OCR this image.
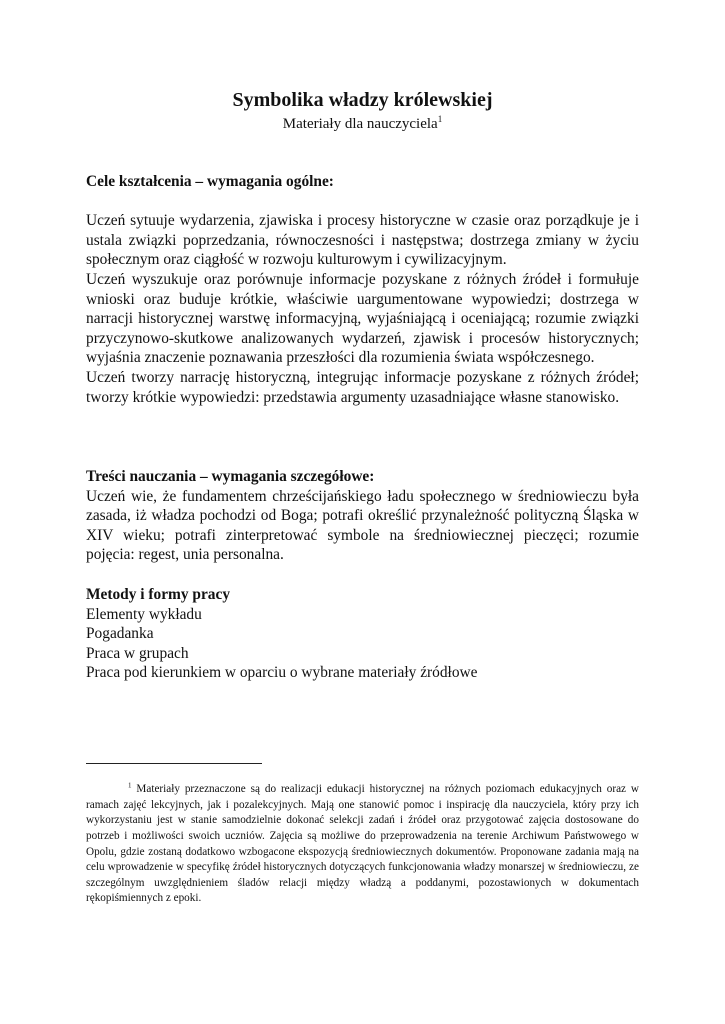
Symbolika władzy królewskiej
Materiały dla nauczyciela$^1$
Cele kształcenia – wymagania ogólne:

Uczeń sytuuje wydarzenia, zjawiska i procesy historyczne w czasie oraz porządkuje je i ustala związki poprzedzania, równoczesności i następstwa; dostrzega zmiany w życiu społecznym oraz ciągłość w rozwoju kulturowym i cywilizacyjnym.

Uczeń wyszukuje oraz porównuje informacje pozyskane z różnych źródeł i formułuje wnioski oraz buduje krótkie, właściwie uargumentowane wypowiedzi; dostrzega w narracji historycznej warstwę informacyjną, wyjaśniającą i oceniającą; rozumie związki przyczynowo-skutkowe analizowanych wydarzeń, zjawisk i procesów historycznych; wyjaśnia znaczenie poznawania przeszłości dla rozumienia świata współczesnego.

Uczeń tworzy narrację historyczną, integrując informacje pozyskane z różnych źródeł; tworzy krótkie wypowiedzi: przedstawia argumenty uzasadniające własne stanowisko.

Treści nauczania – wymagania szczegółowe:

Uczeń wie, że fundamentem chrześcijańskiego ładu społecznego w średniowieczu była zasada, iż władza pochodzi od Boga; potrafi określić przynależność polityczną Śląska w XIV wieku; potrafi zinterpretować symbole na średniowiecznej pieczęci; rozumie pojęcia: regest, unia personalna.

Metody i formy pracy
Elementy wykładu
Pogadanka
Praca w grupach
Praca pod kierunkiem w oparciu o wybrane materiały źródłowe

$^1$ Materiały przeznaczone są do realizacji edukacji historycznej na różnych poziomach edukacyjnych oraz w ramach zajęć lekcyjnych, jak i pozalekcyjnych. Mają one stanowić pomoc i inspirację dla nauczyciela, który przy ich wykorzystaniu jest w stanie samodzielnie dokonać selekcji zadań i źródeł oraz przygotować zajęcia dostosowane do potrzeb i możliwości swoich uczniów. Zajęcia są możliwe do przeprowadzenia na terenie Archiwum Państwowego w Opolu, gdzie zostaną dodatkowo wzbogacone ekspozycją średniowiecznych dokumentów. Proponowane zadania mają na celu wprowadzenie w specyfikę źródeł historycznych dotyczących funkcjonowania władzy monarszej w średniowieczu, ze szczególnym uwzględnieniem śladów relacji między władzą a poddanymi, pozostawionych w dokumentach rękopiśmiennych z epoki.
